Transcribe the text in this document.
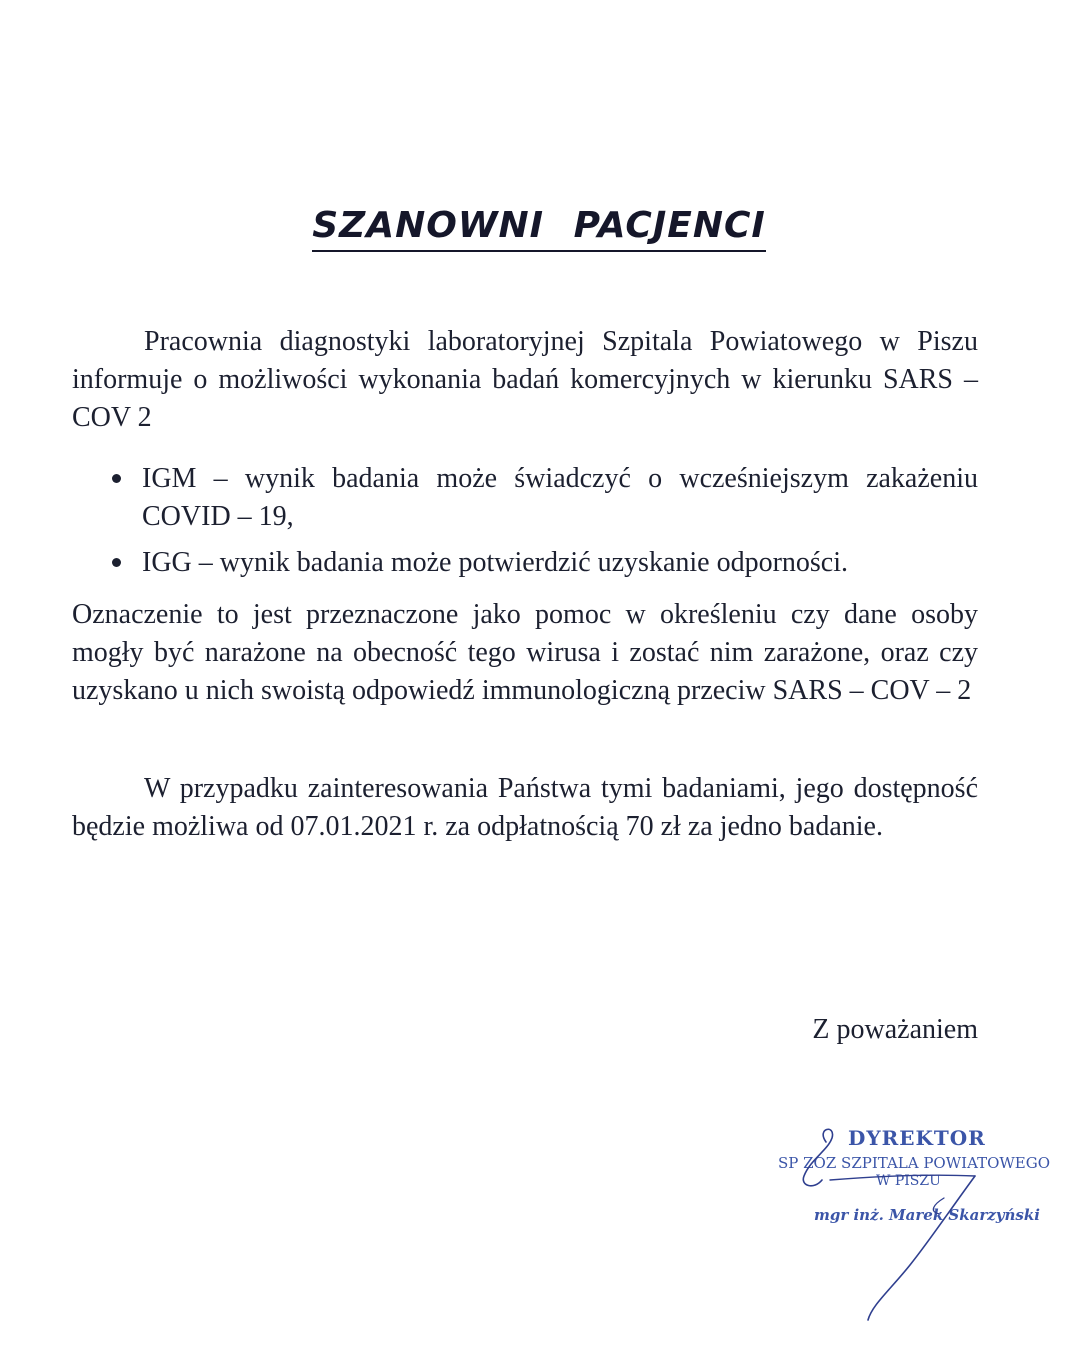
SZANOWNI PACJENCI

Pracownia diagnostyki laboratoryjnej Szpitala Powiatowego w Piszu informuje o możliwości wykonania badań komercyjnych w kierunku SARS – COV 2

IGM – wynik badania może świadczyć o wcześniejszym zakażeniu COVID – 19,
IGG – wynik badania może potwierdzić uzyskanie odporności.

Oznaczenie to jest przeznaczone jako pomoc w określeniu czy dane osoby mogły być narażone na obecność tego wirusa i zostać nim zarażone, oraz czy uzyskano u nich swoistą odpowiedź immunologiczną przeciw SARS – COV – 2

W przypadku zainteresowania Państwa tymi badaniami, jego dostępność będzie możliwa od 07.01.2021 r. za odpłatnością 70 zł za jedno badanie.

Z poważaniem
DYREKTOR
SP ZOZ SZPITALA POWIATOWEGO
W PISZU
mgr inż. Marek Skarzyński
